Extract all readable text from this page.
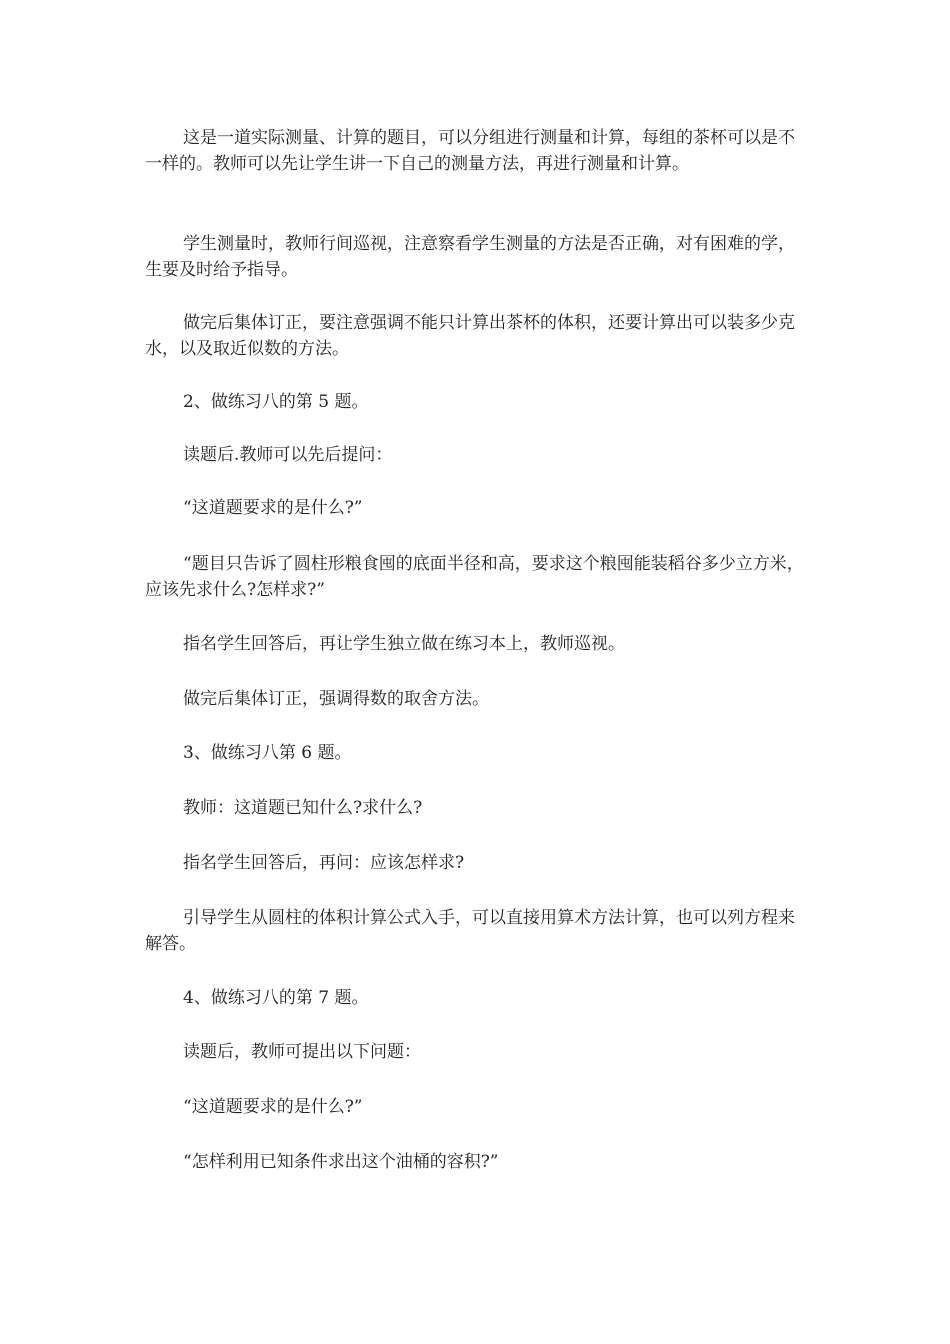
这是一道实际测量、计算的题目，可以分组进行测量和计算，每组的茶杯可以是不一样的。教师可以先让学生讲一下自己的测量方法，再进行测量和计算。

学生测量时，教师行间巡视，注意察看学生测量的方法是否正确，对有困难的学，生要及时给予指导。

做完后集体订正，要注意强调不能只计算出茶杯的体积，还要计算出可以装多少克水，以及取近似数的方法。

2、做练习八的第 5 题。

读题后.教师可以先后提问：

“这道题要求的是什么?”

“题目只告诉了圆柱形粮食囤的底面半径和高，要求这个粮囤能装稻谷多少立方米，应该先求什么?怎样求?”

指名学生回答后，再让学生独立做在练习本上，教师巡视。

做完后集体订正，强调得数的取舍方法。

3、做练习八第 6 题。

教师：这道题已知什么?求什么?

指名学生回答后，再问：应该怎样求?

引导学生从圆柱的体积计算公式入手，可以直接用算术方法计算，也可以列方程来解答。

4、做练习八的第 7 题。

读题后，教师可提出以下问题：

“这道题要求的是什么?”

“怎样利用已知条件求出这个油桶的容积?”
